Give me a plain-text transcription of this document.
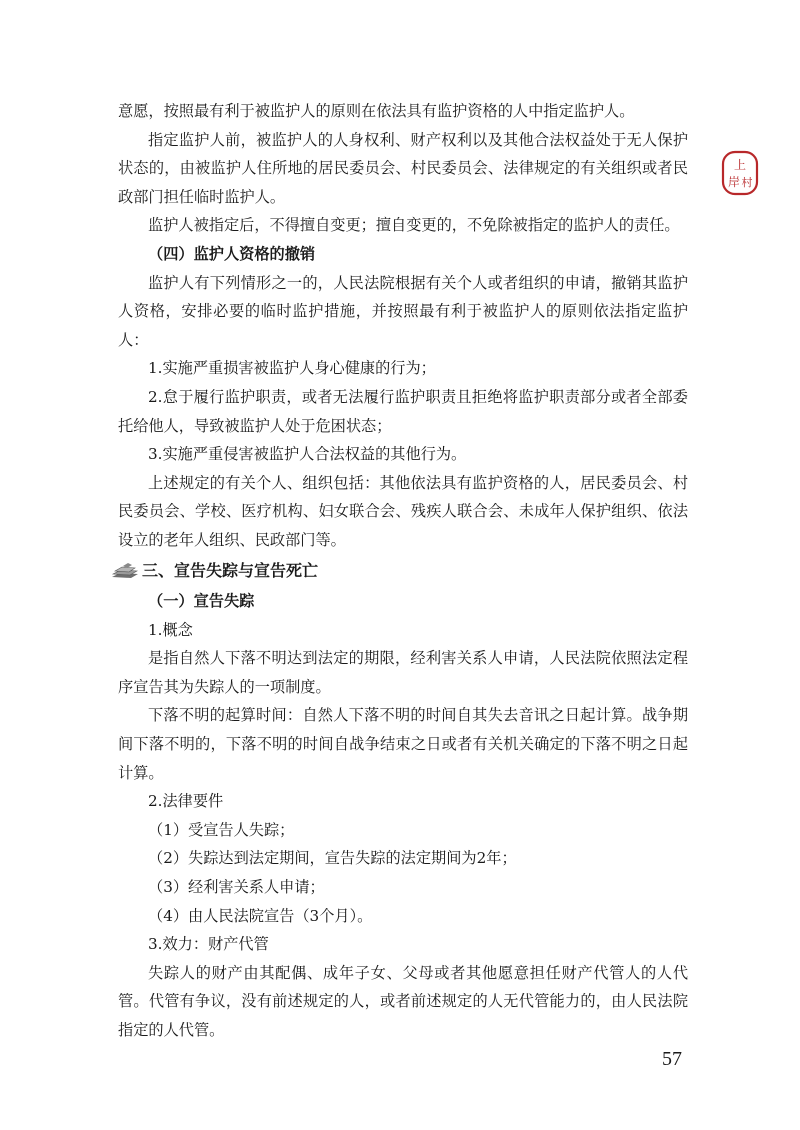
上
岸 村

意愿，按照最有利于被监护人的原则在依法具有监护资格的人中指定监护人。

指定监护人前，被监护人的人身权利、财产权利以及其他合法权益处于无人保护状态的，由被监护人住所地的居民委员会、村民委员会、法律规定的有关组织或者民政部门担任临时监护人。

监护人被指定后，不得擅自变更；擅自变更的，不免除被指定的监护人的责任。

（四）监护人资格的撤销

监护人有下列情形之一的，人民法院根据有关个人或者组织的申请，撤销其监护人资格，安排必要的临时监护措施，并按照最有利于被监护人的原则依法指定监护人：

1.实施严重损害被监护人身心健康的行为；

2.怠于履行监护职责，或者无法履行监护职责且拒绝将监护职责部分或者全部委托给他人，导致被监护人处于危困状态；

3.实施严重侵害被监护人合法权益的其他行为。

上述规定的有关个人、组织包括：其他依法具有监护资格的人，居民委员会、村民委员会、学校、医疗机构、妇女联合会、残疾人联合会、未成年人保护组织、依法设立的老年人组织、民政部门等。

三、宣告失踪与宣告死亡

（一）宣告失踪

1.概念

是指自然人下落不明达到法定的期限，经利害关系人申请，人民法院依照法定程序宣告其为失踪人的一项制度。

下落不明的起算时间：自然人下落不明的时间自其失去音讯之日起计算。战争期间下落不明的，下落不明的时间自战争结束之日或者有关机关确定的下落不明之日起计算。

2.法律要件

（1）受宣告人失踪；

（2）失踪达到法定期间，宣告失踪的法定期间为2年；

（3）经利害关系人申请；

（4）由人民法院宣告（3个月）。

3.效力：财产代管

失踪人的财产由其配偶、成年子女、父母或者其他愿意担任财产代管人的人代管。代管有争议，没有前述规定的人，或者前述规定的人无代管能力的，由人民法院指定的人代管。

57
